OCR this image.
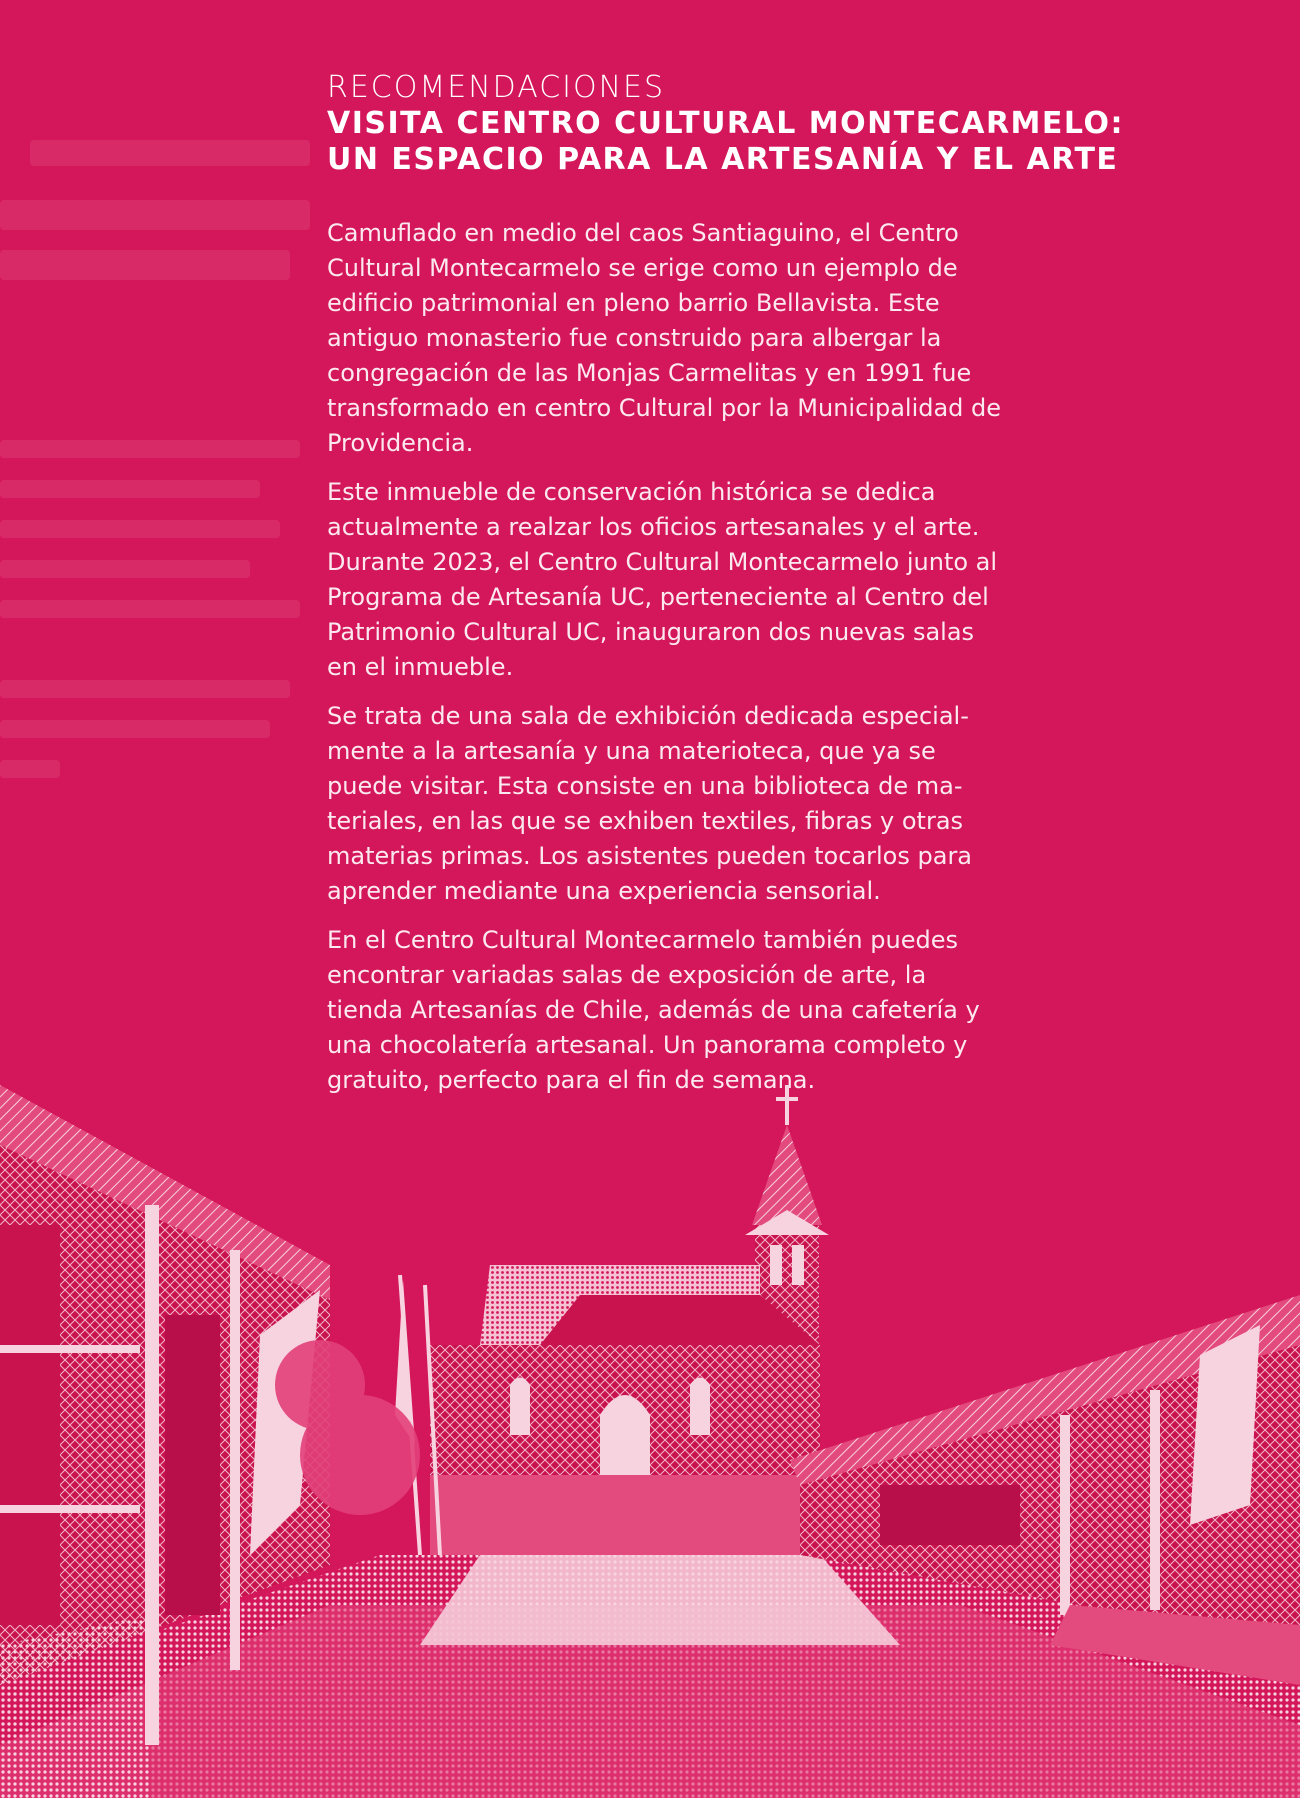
RECOMENDACIONES

VISITA CENTRO CULTURAL MONTECARMELO:
UN ESPACIO PARA LA ARTESANÍA Y EL ARTE

Camuflado en medio del caos Santiaguino, el Centro Cultural Montecarmelo se erige como un ejemplo de edificio patrimonial en pleno barrio Bellavista. Este antiguo monasterio fue construido para albergar la congregación de las Monjas Carmelitas y en 1991 fue transformado en centro Cultural por la Municipalidad de Providencia.

Este inmueble de conservación histórica se dedica actualmente a realzar los oficios artesanales y el arte. Durante 2023, el Centro Cultural Montecarmelo junto al Programa de Artesanía UC, perteneciente al Centro del Patrimonio Cultural UC, inauguraron dos nuevas salas en el inmueble.

Se trata de una sala de exhibición dedicada especial-mente a la artesanía y una materioteca, que ya se puede visitar. Esta consiste en una biblioteca de ma-teriales, en las que se exhiben textiles, fibras y otras materias primas. Los asistentes pueden tocarlos para aprender mediante una experiencia sensorial.

En el Centro Cultural Montecarmelo también puedes encontrar variadas salas de exposición de arte, la tienda Artesanías de Chile, además de una cafetería y una chocolatería artesanal. Un panorama completo y gratuito, perfecto para el fin de semana.
